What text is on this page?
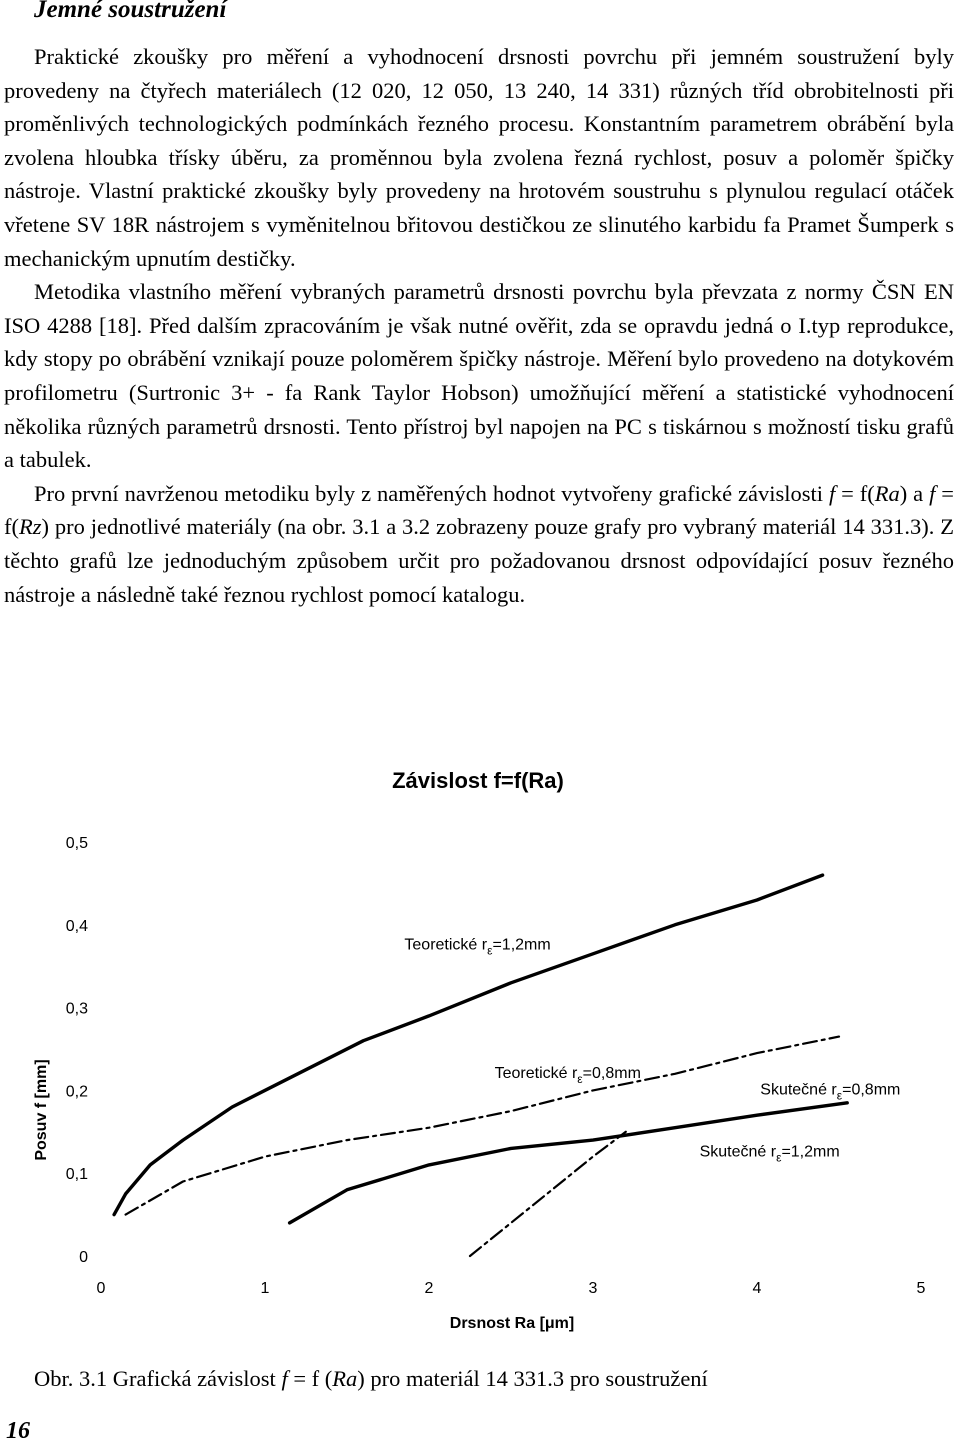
Jemné soustružení

Praktické zkoušky pro měření a vyhodnocení drsnosti povrchu při jemném soustružení byly provedeny na čtyřech materiálech (12 020, 12 050, 13 240, 14 331) různých tříd obrobitelnosti při proměnlivých technologických podmínkách řezného procesu. Konstantním parametrem obrábění byla zvolena hloubka třísky úběru, za proměnnou byla zvolena řezná rychlost, posuv a poloměr špičky nástroje. Vlastní praktické zkoušky byly provedeny na hrotovém soustruhu s plynulou regulací otáček vřetene SV 18R nástrojem s vyměnitelnou břitovou destičkou ze slinutého karbidu fa Pramet Šumperk s mechanickým upnutím destičky.

Metodika vlastního měření vybraných parametrů drsnosti povrchu byla převzata z normy ČSN EN ISO 4288 [18]. Před dalším zpracováním je však nutné ověřit, zda se opravdu jedná o I.typ reprodukce, kdy stopy po obrábění vznikají pouze poloměrem špičky nástroje. Měření bylo provedeno na dotykovém profilometru (Surtronic 3+ - fa Rank Taylor Hobson) umožňující měření a statistické vyhodnocení několika různých parametrů drsnosti. Tento přístroj byl napojen na PC s tiskárnou s možností tisku grafů a tabulek.

Pro první navrženou metodiku byly z naměřených hodnot vytvořeny grafické závislosti f = f(Ra) a f = f(Rz) pro jednotlivé materiály (na obr. 3.1 a 3.2 zobrazeny pouze grafy pro vybraný materiál 14 331.3). Z těchto grafů lze jednoduchým způsobem určit pro požadovanou drsnost odpovídající posuv řezného nástroje a následně také řeznou rychlost pomocí katalogu.

Závislost f=f(Ra)
Posuv f [mm]
Drsnost Ra [μm]
0	1	2	3	4	5
0
0,1
0,2
0,3
0,4
0,5
Teoretické $r_\varepsilon=1,2mm$
Skutečné $r_\varepsilon=0,8mm$
Teoretické $r_\varepsilon=0,8mm$
Skutečné $r_\varepsilon=1,2mm$
Obr. 3.1 Grafická závislost f = f (Ra) pro materiál 14 331.3 pro soustružení
16
